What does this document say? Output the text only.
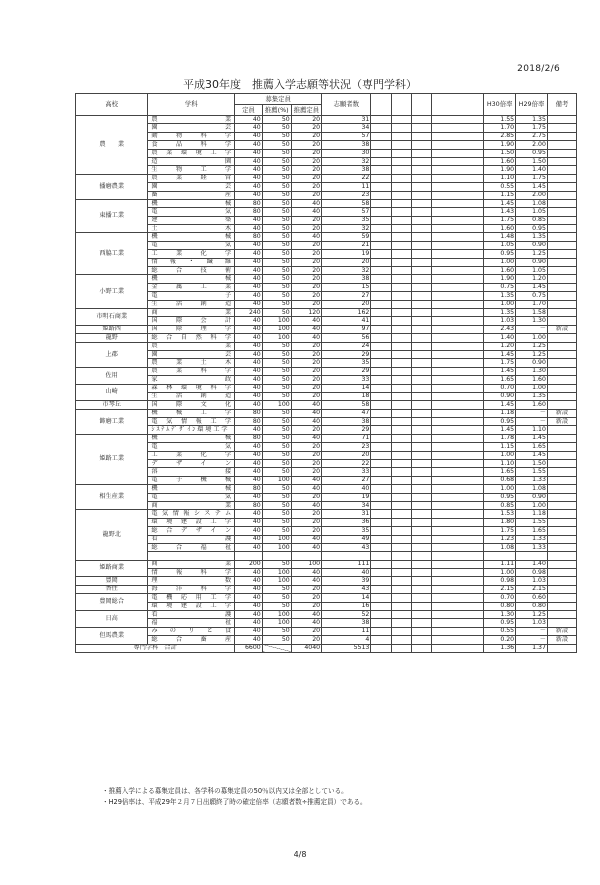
2018/2/6
平成30年度　推薦入学志願等状況（専門学科）
高校	学科	募集定員			志願者数					H30倍率	H29倍率	備考
		定員	推薦(%)	推薦定員								
農　　業	農業	40	50	20	31					1.55	1.35	
	園芸	40	50	20	34					1.70	1.75	
	動物科学	40	50	20	57					2.85	2.75	
	食品科学	40	50	20	38					1.90	2.00	
	農業環境工学	40	50	20	30					1.50	0.95	
	造園	40	50	20	32					1.60	1.50	
	生物工学	40	50	20	38					1.90	1.40	
播磨農業	農業経営	40	50	20	22					1.10	1.75	
	園芸	40	50	20	11					0.55	1.45	
	畜産	40	50	20	23					1.15	2.00	
東播工業	機械	80	50	40	58					1.45	1.08	
	電気	80	50	40	57					1.43	1.05	
	建築	40	50	20	35					1.75	0.85	
	土木	40	50	20	32					1.60	0.95	
西脇工業	機械	80	50	40	59					1.48	1.35	
	電気	40	50	20	21					1.05	0.90	
	工業化学	40	50	20	19					0.95	1.25	
	情報・繊維	40	50	20	20					1.00	0.90	
	総合技術	40	50	20	32					1.60	1.05	
小野工業	機械	40	50	20	38					1.90	1.20	
	金属工業	40	50	20	15					0.75	1.45	
	電子	40	50	20	27					1.35	0.75	
	生活創造	40	50	20	20					1.00	1.70	
市明石商業	商業	240	50	120	162					1.35	1.58	
	国際会計	40	100	40	41					1.03	1.30	
姫路西	国際理学	40	100	40	97					2.43	－	新設
龍野	総合自然科学	40	100	40	56					1.40	1.00	
上郡	農業	40	50	20	24					1.20	1.25	
	園芸	40	50	20	29					1.45	1.25	
	農業土木	40	50	20	35					1.75	0.90	
佐用	農業科学	40	50	20	29					1.45	1.30	
	家政	40	50	20	33					1.65	1.60	
山崎	森林環境科学	40	50	20	14					0.70	1.00	
	生活創造	40	50	20	18					0.90	1.35	
市琴丘	国際文化	40	100	40	58					1.45	1.60	
飾磨工業	機械工学	80	50	40	47					1.18	－	新設
	電気情報工学	80	50	40	38					0.95	－	新設
	ｼｽﾃﾑﾃﾞｻﾞｲﾝ環境工学	40	50	20	29					1.45	1.10	
姫路工業	機械	80	50	40	71					1.78	1.45	
	電気	40	50	20	23					1.15	1.65	
	工業化学	40	50	20	20					1.00	1.45	
	デザイン	40	50	20	22					1.10	1.50	
	溶接	40	50	20	33					1.65	1.55	
	電子機械	40	100	40	27					0.68	1.33	
相生産業	機械	80	50	40	40					1.00	1.08	
	電気	40	50	20	19					0.95	0.90	
	商業	80	50	40	34					0.85	1.00	
龍野北	電気情報システム	40	50	20	31					1.53	1.18	
	環境建設工学	40	50	20	36					1.80	1.55	
	総合デザイン	40	50	20	35					1.75	1.65	
	看護	40	100	40	49					1.23	1.33	
	総合福祉	40	100	40	43					1.08	1.33	

姫路商業	商業	200	50	100	111					1.11	1.40	
	情報科学	40	100	40	40					1.00	0.98	
豊岡	理数	40	100	40	39					0.98	1.03	
香住	海洋科学	40	50	20	43					2.15	2.15	
豊岡総合	電機応用工学	40	50	20	14					0.70	0.60	
	環境建設工学	40	50	20	16					0.80	0.80	
日高	看護	40	100	40	52					1.30	1.25	
	福祉	40	100	40	38					0.95	1.03	
但馬農業	みのりと食	40	50	20	11					0.55	－	新設
	総合畜産	40	50	20	4					0.20	－	新設
専門学科　合計		6600		4040	5513					1.36	1.37	
・推薦入学による募集定員は、各学科の募集定員の50％以内又は全部としている。
・H29倍率は、平成29年２月７日出願終了時の確定倍率（志願者数÷推薦定員）である。
4/8
